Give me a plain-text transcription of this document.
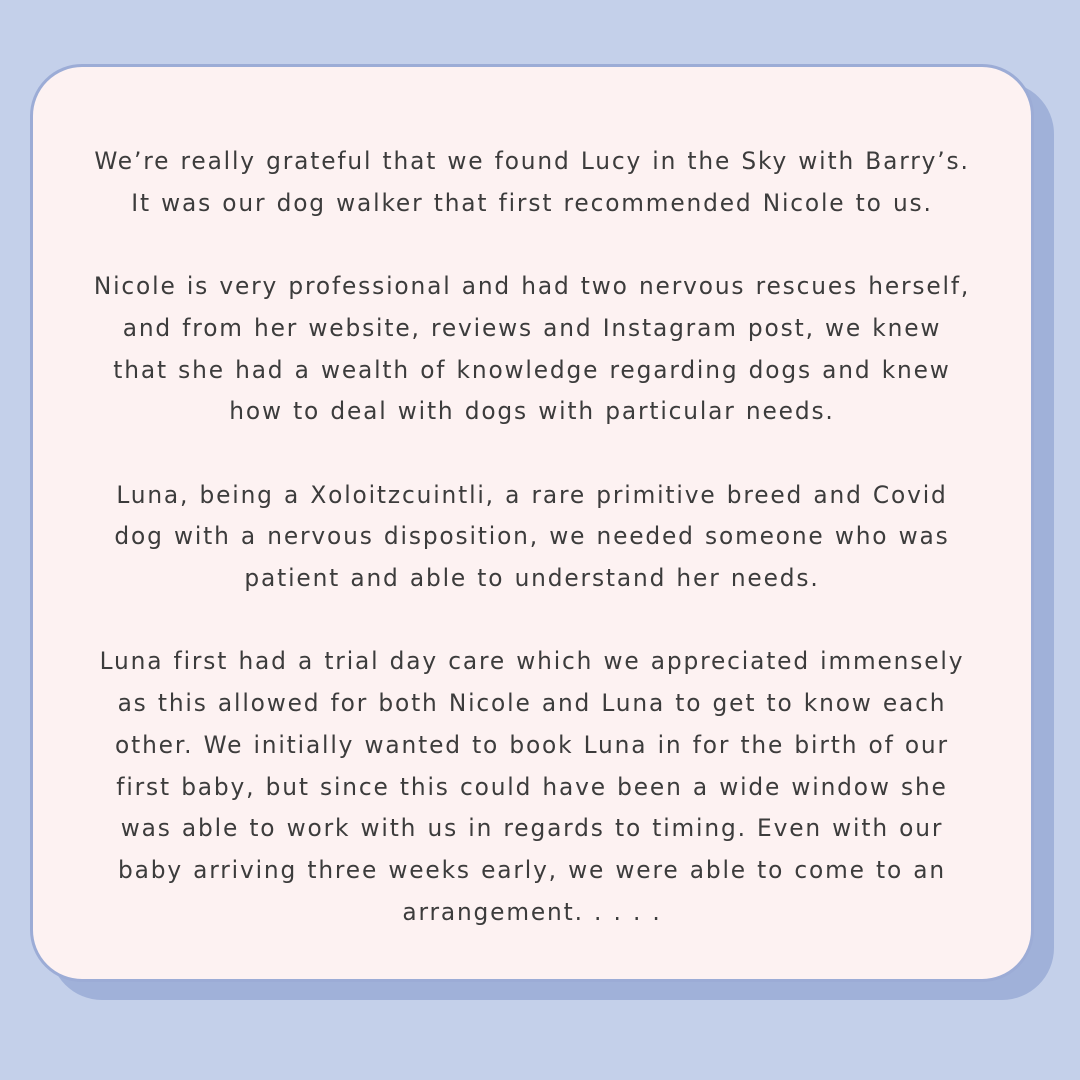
We’re really grateful that we found Lucy in the Sky with Barry’s.
It was our dog walker that first recommended Nicole to us.

Nicole is very professional and had two nervous rescues herself,
and from her website, reviews and Instagram post, we knew
that she had a wealth of knowledge regarding dogs and knew
how to deal with dogs with particular needs.

Luna, being a Xoloitzcuintli, a rare primitive breed and Covid
dog with a nervous disposition, we needed someone who was
patient and able to understand her needs.

Luna first had a trial day care which we appreciated immensely
as this allowed for both Nicole and Luna to get to know each
other. We initially wanted to book Luna in for the birth of our
first baby, but since this could have been a wide window she
was able to work with us in regards to timing. Even with our
baby arriving three weeks early, we were able to come to an
arrangement. . . . .
